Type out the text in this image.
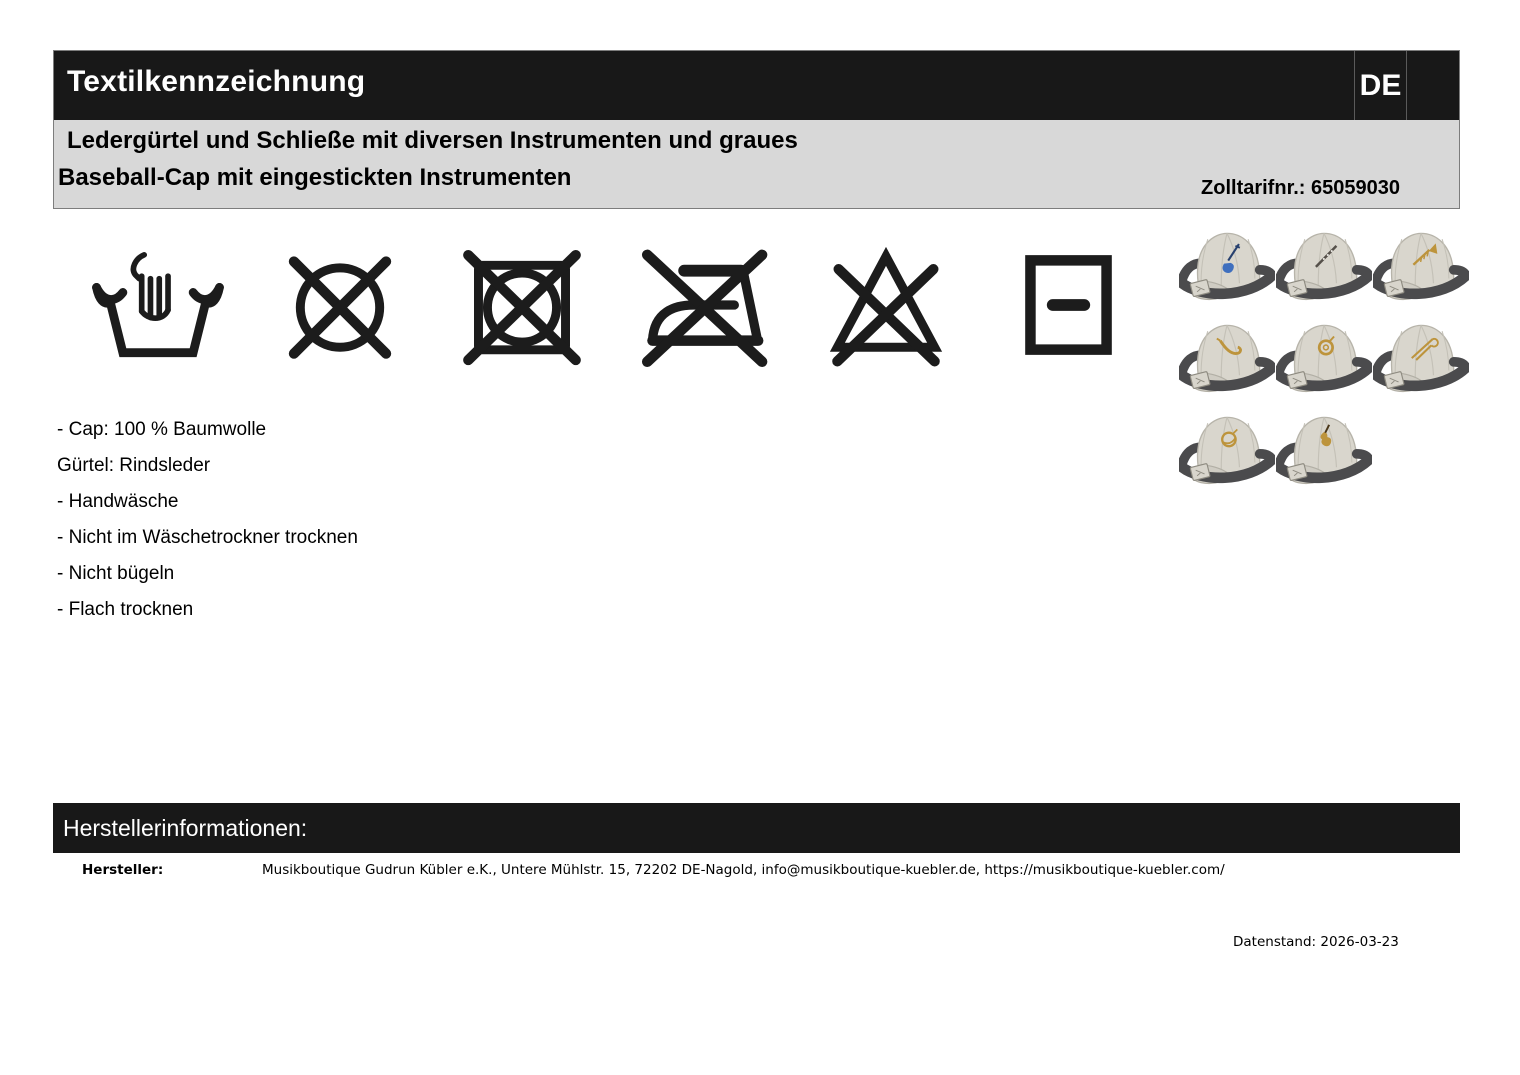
Textilkennzeichnung	DE
Ledergürtel und Schließe mit diversen Instrumenten und graues
Baseball-Cap mit eingestickten Instrumenten	Zolltarifnr.: 65059030
- Cap: 100 % Baumwolle
Gürtel: Rindsleder
- Handwäsche
- Nicht im Wäschetrockner trocknen
- Nicht bügeln
- Flach trocknen
Herstellerinformationen:
Hersteller:	Musikboutique Gudrun Kübler e.K., Untere Mühlstr. 15, 72202 DE-Nagold, info@musikboutique-kuebler.de, https://musikboutique-kuebler.com/
Datenstand: 2026-03-23
